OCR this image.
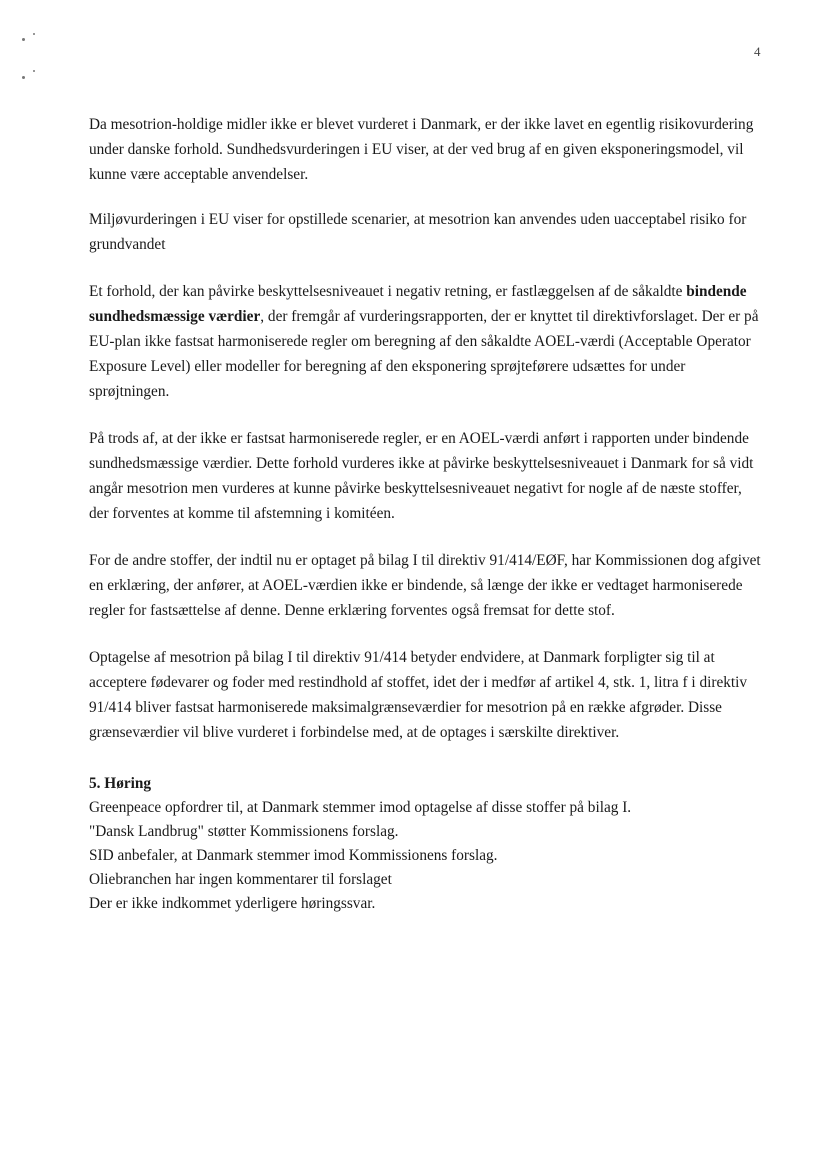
4

Da mesotrion-holdige midler ikke er blevet vurderet i Danmark, er der ikke lavet en egentlig risikovurdering under danske forhold. Sundhedsvurderingen i EU viser, at der ved brug af en given eksponeringsmodel, vil kunne være acceptable anvendelser.

Miljøvurderingen i EU viser for opstillede scenarier, at mesotrion kan anvendes uden uacceptabel risiko for grundvandet

Et forhold, der kan påvirke beskyttelsesniveauet i negativ retning, er fastlæggelsen af de såkaldte bindende sundhedsmæssige værdier, der fremgår af vurderingsrapporten, der er knyttet til direktivforslaget. Der er på EU-plan ikke fastsat harmoniserede regler om beregning af den såkaldte AOEL-værdi (Acceptable Operator Exposure Level) eller modeller for beregning af den eksponering sprøjteførere udsættes for under sprøjtningen.

På trods af, at der ikke er fastsat harmoniserede regler, er en AOEL-værdi anført i rapporten under bindende sundhedsmæssige værdier. Dette forhold vurderes ikke at påvirke beskyttelsesniveauet i Danmark for så vidt angår mesotrion men vurderes at kunne påvirke beskyttelsesniveauet negativt for nogle af de næste stoffer, der forventes at komme til afstemning i komitéen.

For de andre stoffer, der indtil nu er optaget på bilag I til direktiv 91/414/EØF, har Kommissionen dog afgivet en erklæring, der anfører, at AOEL-værdien ikke er bindende, så længe der ikke er vedtaget harmoniserede regler for fastsættelse af denne. Denne erklæring forventes også fremsat for dette stof.

Optagelse af mesotrion på bilag I til direktiv 91/414 betyder endvidere, at Danmark forpligter sig til at acceptere fødevarer og foder med restindhold af stoffet, idet der i medfør af artikel 4, stk. 1, litra f i direktiv 91/414 bliver fastsat harmoniserede maksimalgrænseværdier for mesotrion på en række afgrøder. Disse grænseværdier vil blive vurderet i forbindelse med, at de optages i særskilte direktiver.

5. Høring

Greenpeace opfordrer til, at Danmark stemmer imod optagelse af disse stoffer på bilag I.

"Dansk Landbrug" støtter Kommissionens forslag.

SID anbefaler, at Danmark stemmer imod Kommissionens forslag.

Oliebranchen har ingen kommentarer til forslaget

Der er ikke indkommet yderligere høringssvar.
